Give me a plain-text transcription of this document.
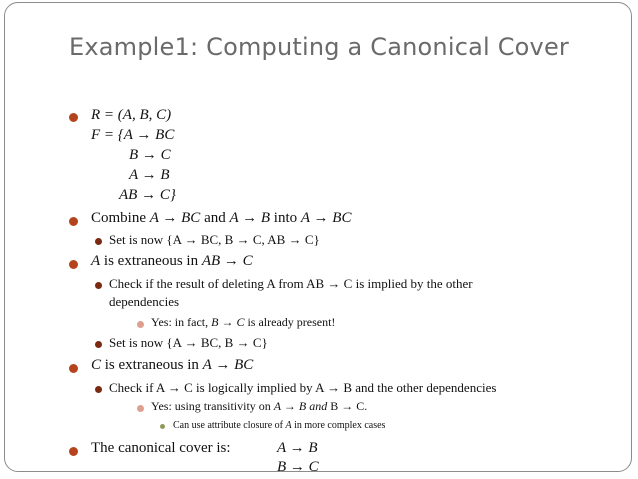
Example1: Computing a Canonical Cover
R = (A, B, C)
F = {A → BC
B → C
A → B
AB → C}
Combine A → BC and A → B into A → BC
Set is now {A → BC, B → C, AB → C}
A is extraneous in AB → C
Check if the result of deleting A from AB → C is implied by the other
dependencies
Yes: in fact, B → C is already present!
Set is now {A → BC, B → C}
C is extraneous in A → BC
Check if A → C is logically implied by A → B and the other dependencies
Yes: using transitivity on A → B and B → C.
Can use attribute closure of A in more complex cases
The canonical cover is:	A → B
B → C
